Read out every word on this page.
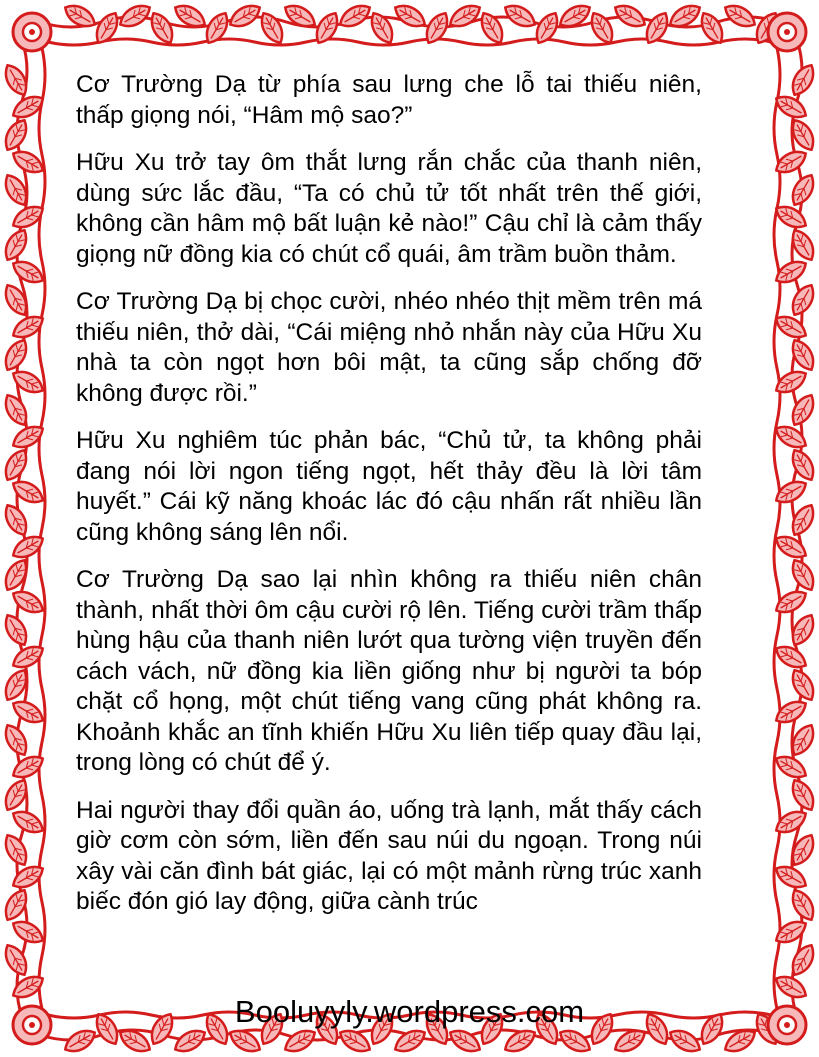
Cơ Trường Dạ từ phía sau lưng che lỗ tai thiếu niên, thấp giọng nói, “Hâm mộ sao?”

Hữu Xu trở tay ôm thắt lưng rắn chắc của thanh niên, dùng sức lắc đầu, “Ta có chủ tử tốt nhất trên thế giới, không cần hâm mộ bất luận kẻ nào!” Cậu chỉ là cảm thấy giọng nữ đồng kia có chút cổ quái, âm trầm buồn thảm.

Cơ Trường Dạ bị chọc cười, nhéo nhéo thịt mềm trên má thiếu niên, thở dài, “Cái miệng nhỏ nhắn này của Hữu Xu nhà ta còn ngọt hơn bôi mật, ta cũng sắp chống đỡ không được rồi.”

Hữu Xu nghiêm túc phản bác, “Chủ tử, ta không phải đang nói lời ngon tiếng ngọt, hết thảy đều là lời tâm huyết.” Cái kỹ năng khoác lác đó cậu nhấn rất nhiều lần cũng không sáng lên nổi.

Cơ Trường Dạ sao lại nhìn không ra thiếu niên chân thành, nhất thời ôm cậu cười rộ lên. Tiếng cười trầm thấp hùng hậu của thanh niên lướt qua tường viện truyền đến cách vách, nữ đồng kia liền giống như bị người ta bóp chặt cổ họng, một chút tiếng vang cũng phát không ra. Khoảnh khắc an tĩnh khiến Hữu Xu liên tiếp quay đầu lại, trong lòng có chút để ý.

Hai người thay đổi quần áo, uống trà lạnh, mắt thấy cách giờ cơm còn sớm, liền đến sau núi du ngoạn. Trong núi xây vài căn đình bát giác, lại có một mảnh rừng trúc xanh biếc đón gió lay động, giữa cành trúc

Booluyyly.wordpress.com
